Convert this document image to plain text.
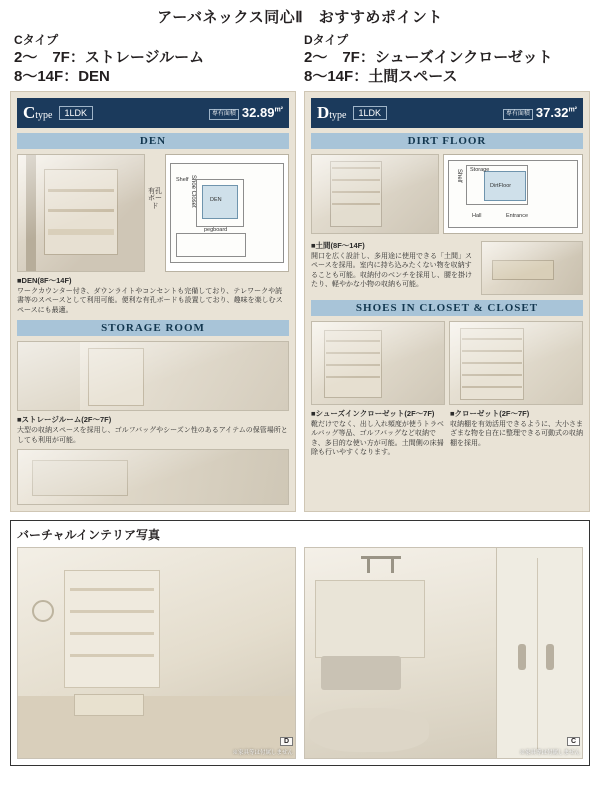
アーバネックス同心Ⅱ　おすすめポイント
Cタイプ
2～　7F：ストレージルーム
8～14F：DEN
Dタイプ
2～　7F：シューズインクローゼット
8～14F：土間スペース
Ctype	1LDK	専有面積 $32.89^{m^2}$
DEN
有孔
ボード
Shelf
DEN
Shoe Closet
pegboard
■DEN(8F～14F)
ワークカウンター付き、ダウンライトやコンセントも完備しており、テレワークや読書等のスペースとして利用可能。便利な有孔ボードも設置しており、趣味を楽しむスペースにも最適。
STORAGE ROOM
■ストレージルーム(2F～7F)
大型の収納スペースを採用し、ゴルフバッグやシーズン性のあるアイテムの保管場所としても利用が可能。
Dtype	1LDK	専有面積 $37.32^{m^2}$
DIRT FLOOR
Shelf Storage
DirtFloor
Hall	Entrance
■土間(8F～14F)
開口を広く設計し、多用途に使用できる「土間」スペースを採用。室内に持ち込みたくない物を収納することも可能。収納付のベンチを採用し、腰を掛けたり、軽やかな小物の収納も可能。
SHOES IN CLOSET & CLOSET
■シューズインクローゼット(2F～7F)
靴だけでなく、出し入れ頻度が使うトラベルバッグ等品、ゴルフバッグなど収納でき、多目的な使い方が可能。土間側の床掃除も行いやすくなります。
■クローゼット(2F～7F)
収納棚を有効活用できるように、大小さまざまな物を自在に整理できる可動式の収納棚を採用。
バーチャルインテリア写真
※家具等は付属しません
D
※家具等は付属しません
C
